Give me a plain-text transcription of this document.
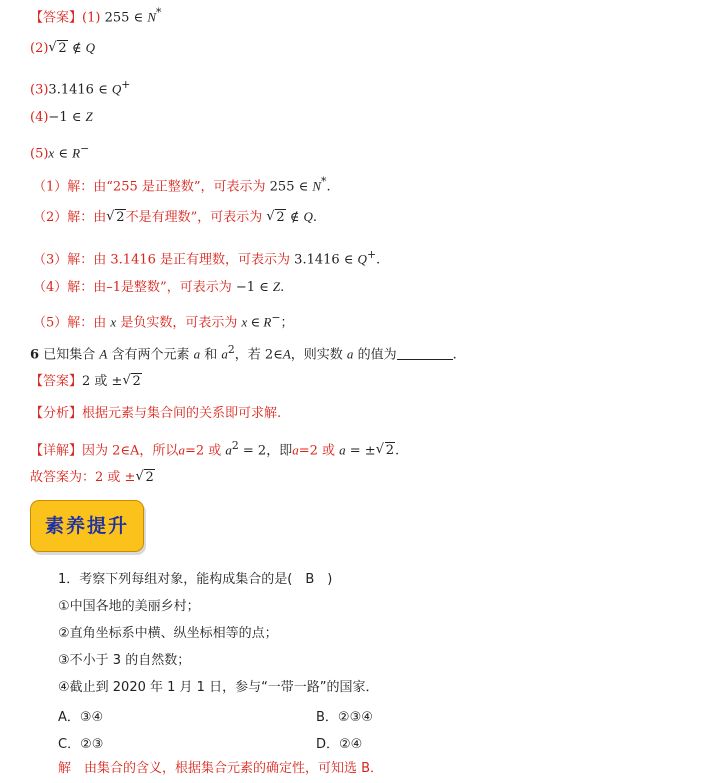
【答案】(1) 255 ∈ N*
(2) √ 2 ∉ Q
(3)3.1416 ∈ Q+
(4)−1 ∈ Z
(5)x ∈ R−
（1）解：由“255 是正整数”，可表示为 255 ∈ N*.
（2）解：由 √ 2不是有理数”，可表示为 √ 2 ∉ Q.
（3）解：由 3.1416 是正有理数，可表示为 3.1416 ∈ Q+.
（4）解：由–1是整数”，可表示为 −1 ∈ Z.
（5）解：由 x 是负实数，可表示为 x ∈ R−；
6 已知集合 A 含有两个元素 a 和 $a^2$，若 2∈A，则实数 a 的值为	.
【答案】2 或 ± √ 2
【分析】根据元素与集合间的关系即可求解.
【详解】因为 2∈A，所以a=2 或 $a^2 = 2$，即a=2 或 a = ± √ 2.
故答案为：2 或 ± √ 2
素养提升
1．考察下列每组对象，能构成集合的是(　B　)
①中国各地的美丽乡村；
②直角坐标系中横、纵坐标相等的点；
③不小于 3 的自然数；
④截止到 2020 年 1 月 1 日，参与“一带一路”的国家．
A．③④	B．②③④
C．②③	D．②④
解　由集合的含义，根据集合元素的确定性，可知选 B．
